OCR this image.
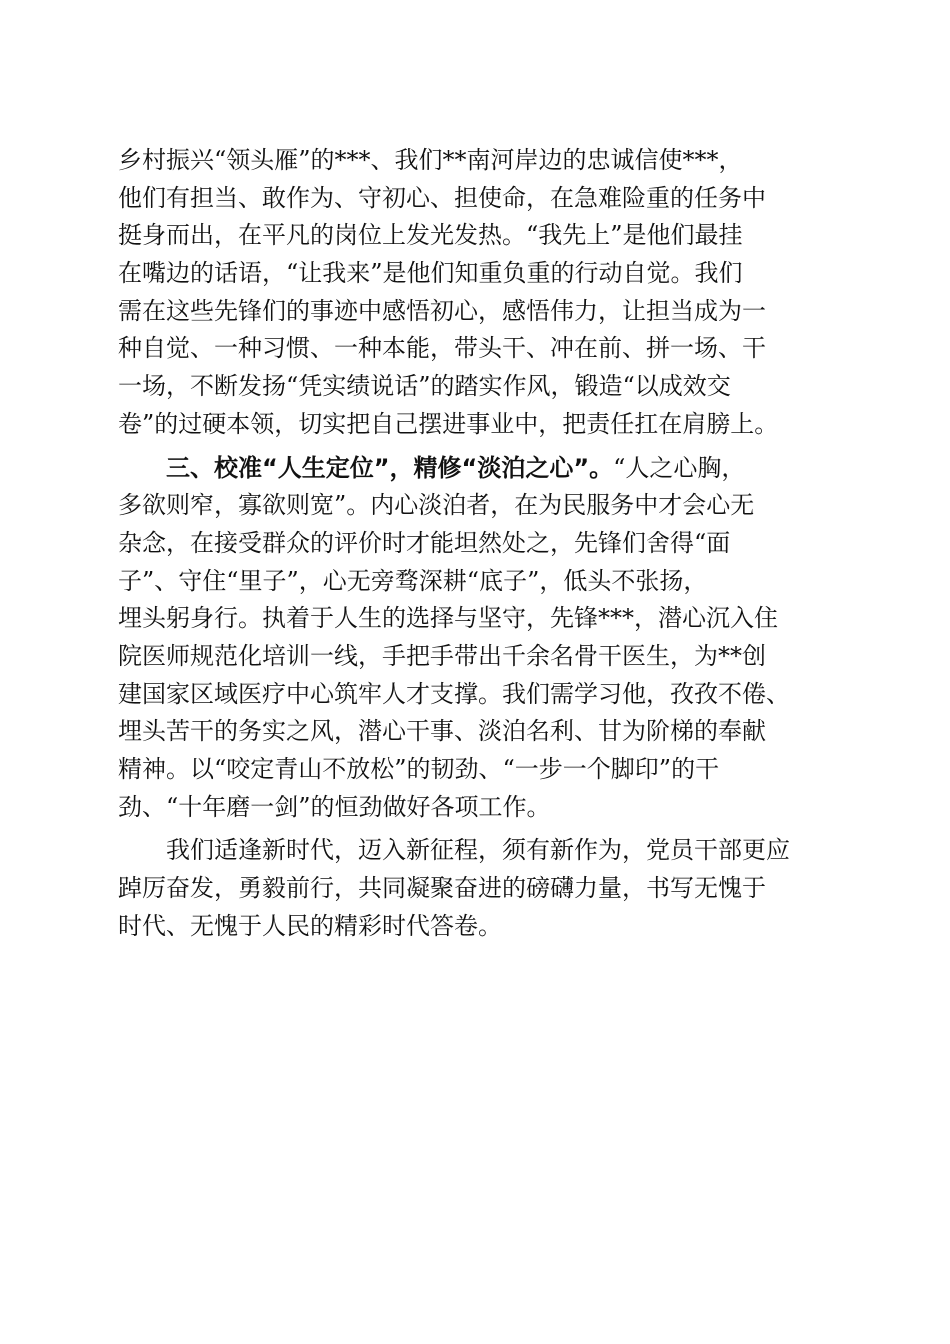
乡村振兴“领头雁”的***、我们**南河岸边的忠诚信使***，
他们有担当、敢作为、守初心、担使命，在急难险重的任务中
挺身而出，在平凡的岗位上发光发热。“我先上”是他们最挂
在嘴边的话语，“让我来”是他们知重负重的行动自觉。我们
需在这些先锋们的事迹中感悟初心，感悟伟力，让担当成为一
种自觉、一种习惯、一种本能，带头干、冲在前、拼一场、干
一场，不断发扬“凭实绩说话”的踏实作风，锻造“以成效交
卷”的过硬本领，切实把自己摆进事业中，把责任扛在肩膀上。
三、校准“人生定位”，精修“淡泊之心”。“人之心胸，
多欲则窄，寡欲则宽”。内心淡泊者，在为民服务中才会心无
杂念，在接受群众的评价时才能坦然处之，先锋们舍得“面
子”、守住“里子”，心无旁骛深耕“底子”，低头不张扬，
埋头躬身行。执着于人生的选择与坚守，先锋***，潜心沉入住
院医师规范化培训一线，手把手带出千余名骨干医生，为**创
建国家区域医疗中心筑牢人才支撑。我们需学习他，孜孜不倦、
埋头苦干的务实之风，潜心干事、淡泊名利、甘为阶梯的奉献
精神。以“咬定青山不放松”的韧劲、“一步一个脚印”的干
劲、“十年磨一剑”的恒劲做好各项工作。
我们适逢新时代，迈入新征程，须有新作为，党员干部更应
踔厉奋发，勇毅前行，共同凝聚奋进的磅礴力量，书写无愧于
时代、无愧于人民的精彩时代答卷。
